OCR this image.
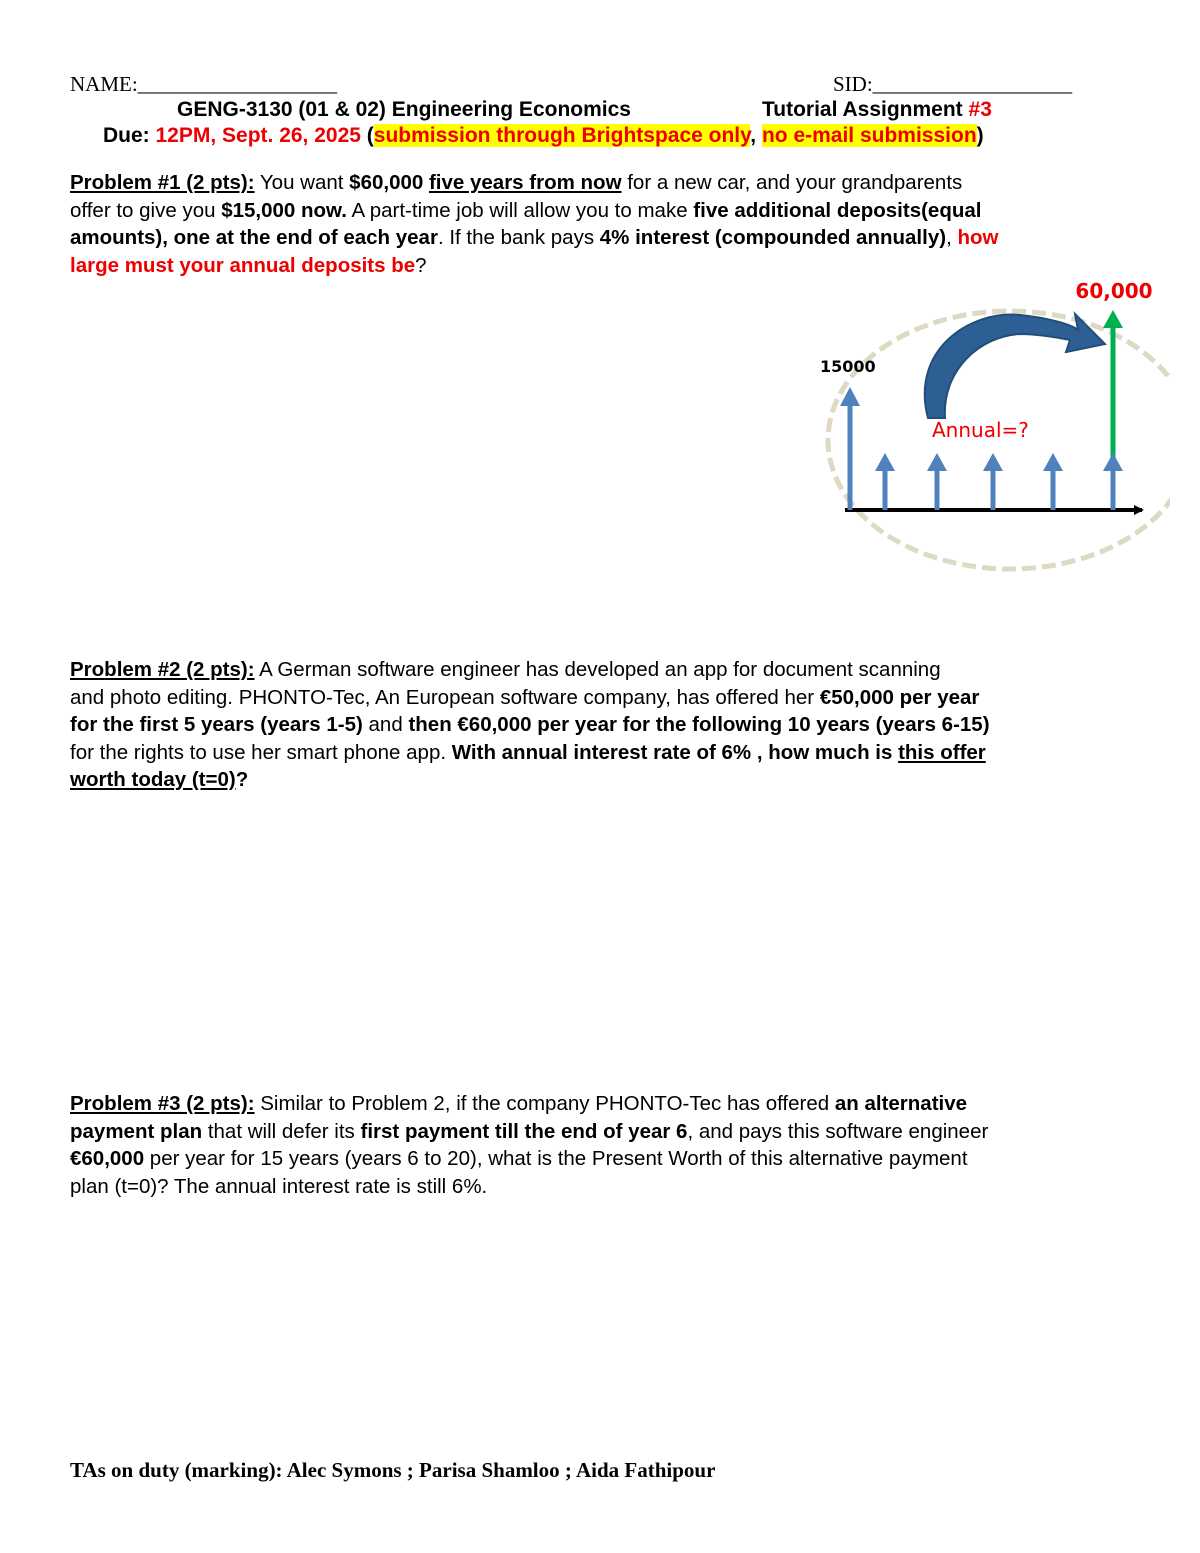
NAME:___________________	SID:___________________
GENG-3130 (01 & 02) Engineering Economics	Tutorial Assignment #3
Due: 12PM, Sept. 26, 2025 (submission through Brightspace only, no e-mail submission)
Problem #1 (2 pts): You want $60,000 five years from now for a new car, and your grandparents
offer to give you $15,000 now. A part-time job will allow you to make five additional deposits(equal
amounts), one at the end of each year. If the bank pays 4% interest (compounded annually), how
large must your annual deposits be?
60,000
15000
Annual=?
Problem #2 (2 pts): A German software engineer has developed an app for document scanning
and photo editing. PHONTO-Tec, An European software company, has offered her €50,000 per year
for the first 5 years (years 1-5) and then €60,000 per year for the following 10 years (years 6-15)
for the rights to use her smart phone app. With annual interest rate of 6% , how much is this offer
worth today (t=0)?
Problem #3 (2 pts): Similar to Problem 2, if the company PHONTO-Tec has offered an alternative
payment plan that will defer its first payment till the end of year 6, and pays this software engineer
€60,000 per year for 15 years (years 6 to 20), what is the Present Worth of this alternative payment
plan (t=0)? The annual interest rate is still 6%.
TAs on duty (marking): Alec Symons ; Parisa Shamloo ; Aida Fathipour
